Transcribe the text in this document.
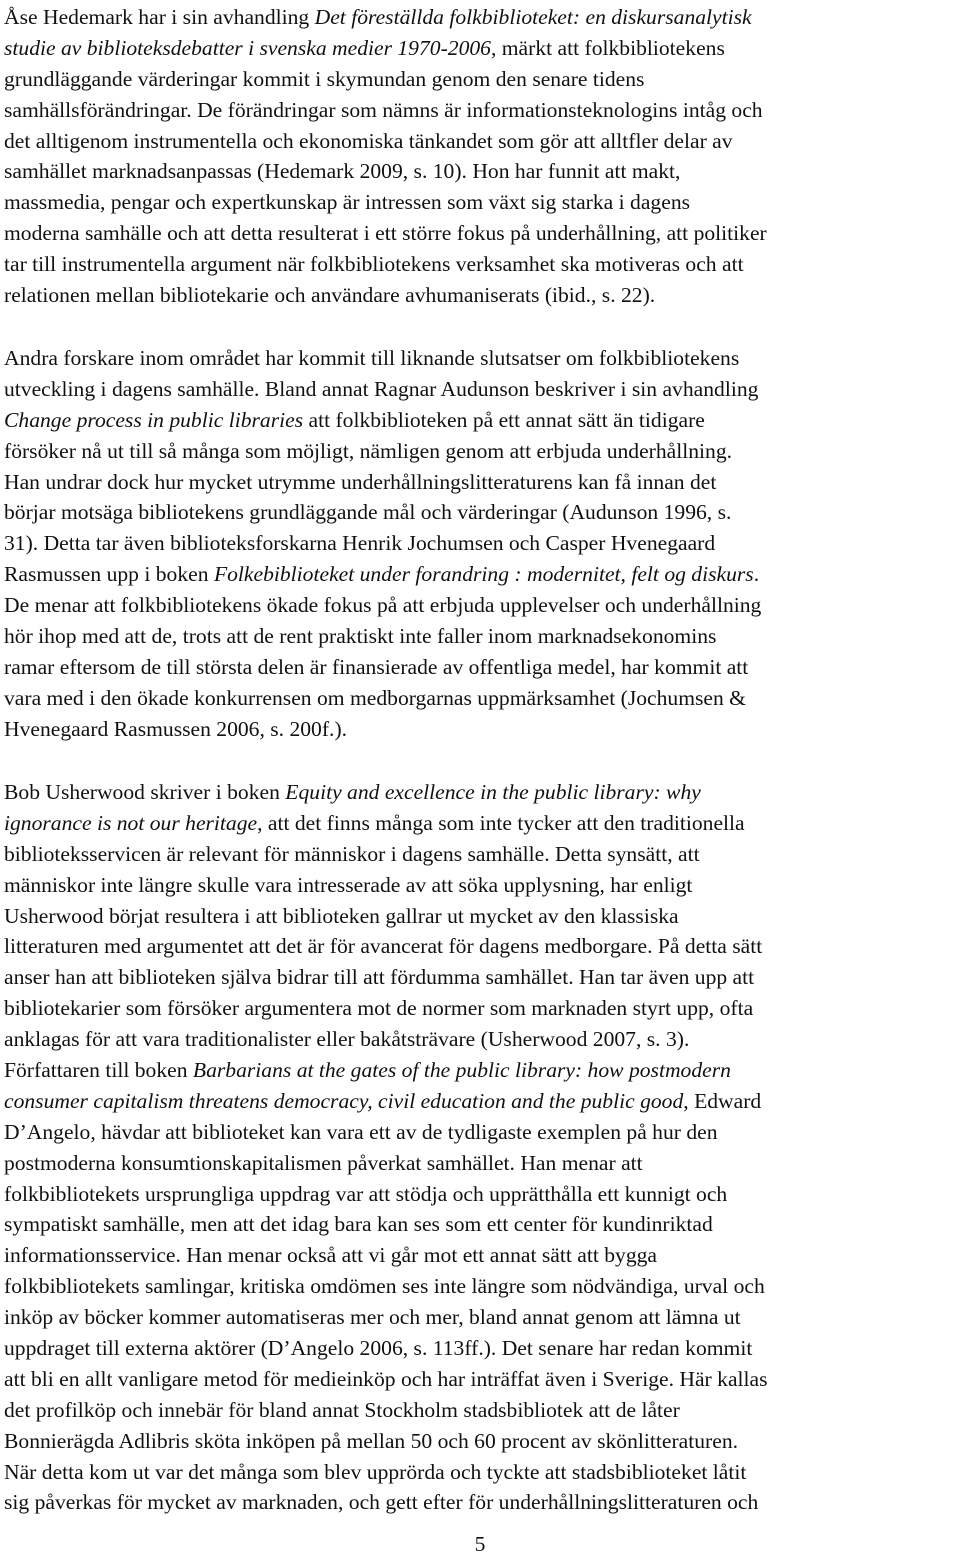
Åse Hedemark har i sin avhandling Det föreställda folkbiblioteket: en diskursanalytisk
studie av biblioteksdebatter i svenska medier 1970-2006, märkt att folkbibliotekens
grundläggande värderingar kommit i skymundan genom den senare tidens
samhällsförändringar. De förändringar som nämns är informationsteknologins intåg och
det alltigenom instrumentella och ekonomiska tänkandet som gör att alltfler delar av
samhället marknadsanpassas (Hedemark 2009, s. 10). Hon har funnit att makt,
massmedia, pengar och expertkunskap är intressen som växt sig starka i dagens
moderna samhälle och att detta resulterat i ett större fokus på underhållning, att politiker
tar till instrumentella argument när folkbibliotekens verksamhet ska motiveras och att
relationen mellan bibliotekarie och användare avhumaniserats (ibid., s. 22).
Andra forskare inom området har kommit till liknande slutsatser om folkbibliotekens
utveckling i dagens samhälle. Bland annat Ragnar Audunson beskriver i sin avhandling
Change process in public libraries att folkbiblioteken på ett annat sätt än tidigare
försöker nå ut till så många som möjligt, nämligen genom att erbjuda underhållning.
Han undrar dock hur mycket utrymme underhållningslitteraturens kan få innan det
börjar motsäga bibliotekens grundläggande mål och värderingar (Audunson 1996, s.
31). Detta tar även biblioteksforskarna Henrik Jochumsen och Casper Hvenegaard
Rasmussen upp i boken Folkebiblioteket under forandring : modernitet, felt og diskurs.
De menar att folkbibliotekens ökade fokus på att erbjuda upplevelser och underhållning
hör ihop med att de, trots att de rent praktiskt inte faller inom marknadsekonomins
ramar eftersom de till största delen är finansierade av offentliga medel, har kommit att
vara med i den ökade konkurrensen om medborgarnas uppmärksamhet (Jochumsen &
Hvenegaard Rasmussen 2006, s. 200f.).
Bob Usherwood skriver i boken Equity and excellence in the public library: why
ignorance is not our heritage, att det finns många som inte tycker att den traditionella
biblioteksservicen är relevant för människor i dagens samhälle. Detta synsätt, att
människor inte längre skulle vara intresserade av att söka upplysning, har enligt
Usherwood börjat resultera i att biblioteken gallrar ut mycket av den klassiska
litteraturen med argumentet att det är för avancerat för dagens medborgare. På detta sätt
anser han att biblioteken själva bidrar till att fördumma samhället. Han tar även upp att
bibliotekarier som försöker argumentera mot de normer som marknaden styrt upp, ofta
anklagas för att vara traditionalister eller bakåtsträvare (Usherwood 2007, s. 3).
Författaren till boken Barbarians at the gates of the public library: how postmodern
consumer capitalism threatens democracy, civil education and the public good, Edward
D’Angelo, hävdar att biblioteket kan vara ett av de tydligaste exemplen på hur den
postmoderna konsumtionskapitalismen påverkat samhället. Han menar att
folkbibliotekets ursprungliga uppdrag var att stödja och upprätthålla ett kunnigt och
sympatiskt samhälle, men att det idag bara kan ses som ett center för kundinriktad
informationsservice. Han menar också att vi går mot ett annat sätt att bygga
folkbibliotekets samlingar, kritiska omdömen ses inte längre som nödvändiga, urval och
inköp av böcker kommer automatiseras mer och mer, bland annat genom att lämna ut
uppdraget till externa aktörer (D’Angelo 2006, s. 113ff.). Det senare har redan kommit
att bli en allt vanligare metod för medieinköp och har inträffat även i Sverige. Här kallas
det profilköp och innebär för bland annat Stockholm stadsbibliotek att de låter
Bonnierägda Adlibris sköta inköpen på mellan 50 och 60 procent av skönlitteraturen.
När detta kom ut var det många som blev upprörda och tyckte att stadsbiblioteket låtit
sig påverkas för mycket av marknaden, och gett efter för underhållningslitteraturen och
5
